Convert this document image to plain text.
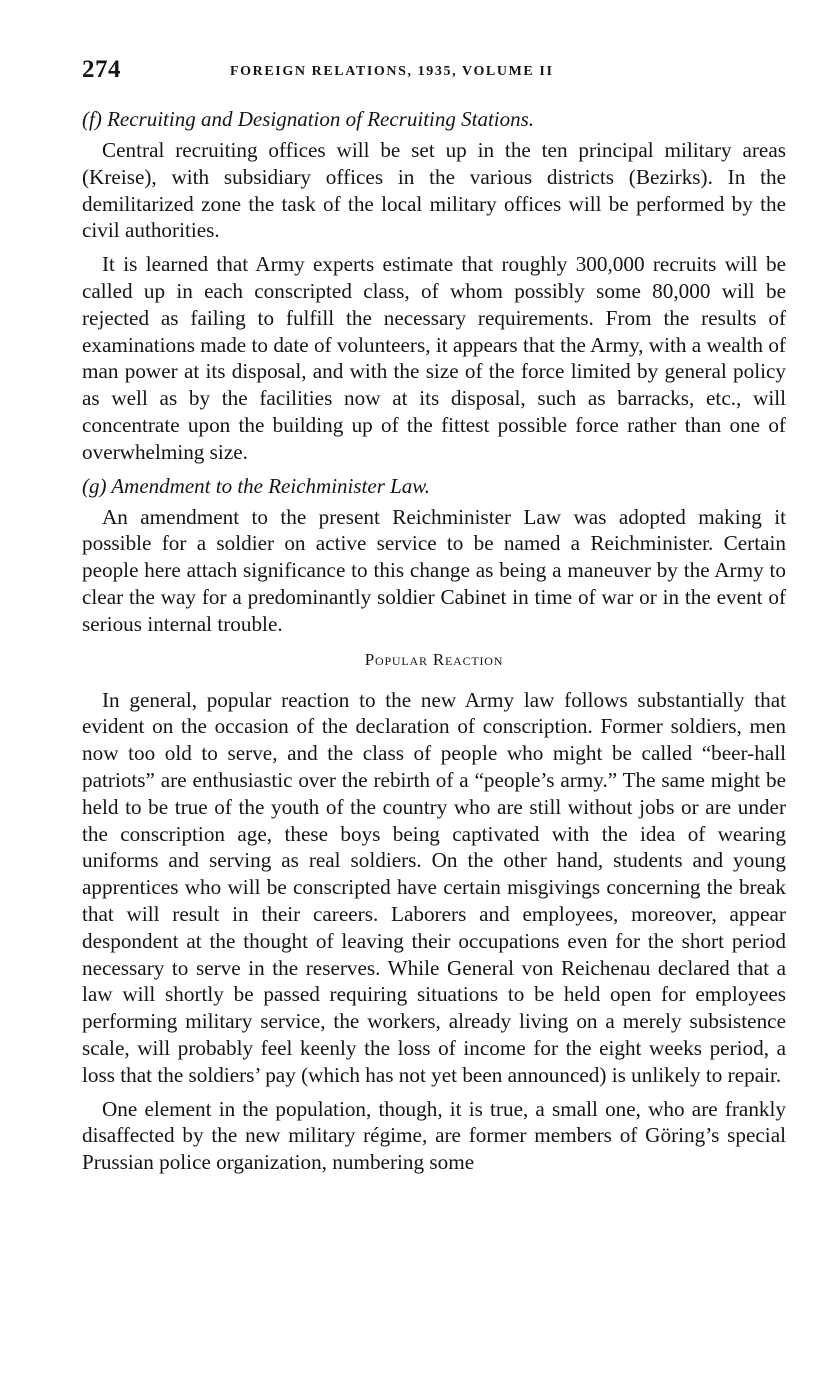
274	FOREIGN RELATIONS, 1935, VOLUME II
(f) Recruiting and Designation of Recruiting Stations.

Central recruiting offices will be set up in the ten principal military areas (Kreise), with subsidiary offices in the various districts (Bezirks). In the demilitarized zone the task of the local military offices will be performed by the civil authorities.

It is learned that Army experts estimate that roughly 300,000 recruits will be called up in each conscripted class, of whom possibly some 80,000 will be rejected as failing to fulfill the necessary requirements. From the results of examinations made to date of volunteers, it appears that the Army, with a wealth of man power at its disposal, and with the size of the force limited by general policy as well as by the facilities now at its disposal, such as barracks, etc., will concentrate upon the building up of the fittest possible force rather than one of overwhelming size.

(g) Amendment to the Reichminister Law.

An amendment to the present Reichminister Law was adopted making it possible for a soldier on active service to be named a Reichminister. Certain people here attach significance to this change as being a maneuver by the Army to clear the way for a predominantly soldier Cabinet in time of war or in the event of serious internal trouble.

Popular Reaction

In general, popular reaction to the new Army law follows substantially that evident on the occasion of the declaration of conscription. Former soldiers, men now too old to serve, and the class of people who might be called “beer-hall patriots” are enthusiastic over the rebirth of a “people’s army.” The same might be held to be true of the youth of the country who are still without jobs or are under the conscription age, these boys being captivated with the idea of wearing uniforms and serving as real soldiers. On the other hand, students and young apprentices who will be conscripted have certain misgivings concerning the break that will result in their careers. Laborers and employees, moreover, appear despondent at the thought of leaving their occupations even for the short period necessary to serve in the reserves. While General von Reichenau declared that a law will shortly be passed requiring situations to be held open for employees performing military service, the workers, already living on a merely subsistence scale, will probably feel keenly the loss of income for the eight weeks period, a loss that the soldiers’ pay (which has not yet been announced) is unlikely to repair.

One element in the population, though, it is true, a small one, who are frankly disaffected by the new military régime, are former members of Göring’s special Prussian police organization, numbering some
